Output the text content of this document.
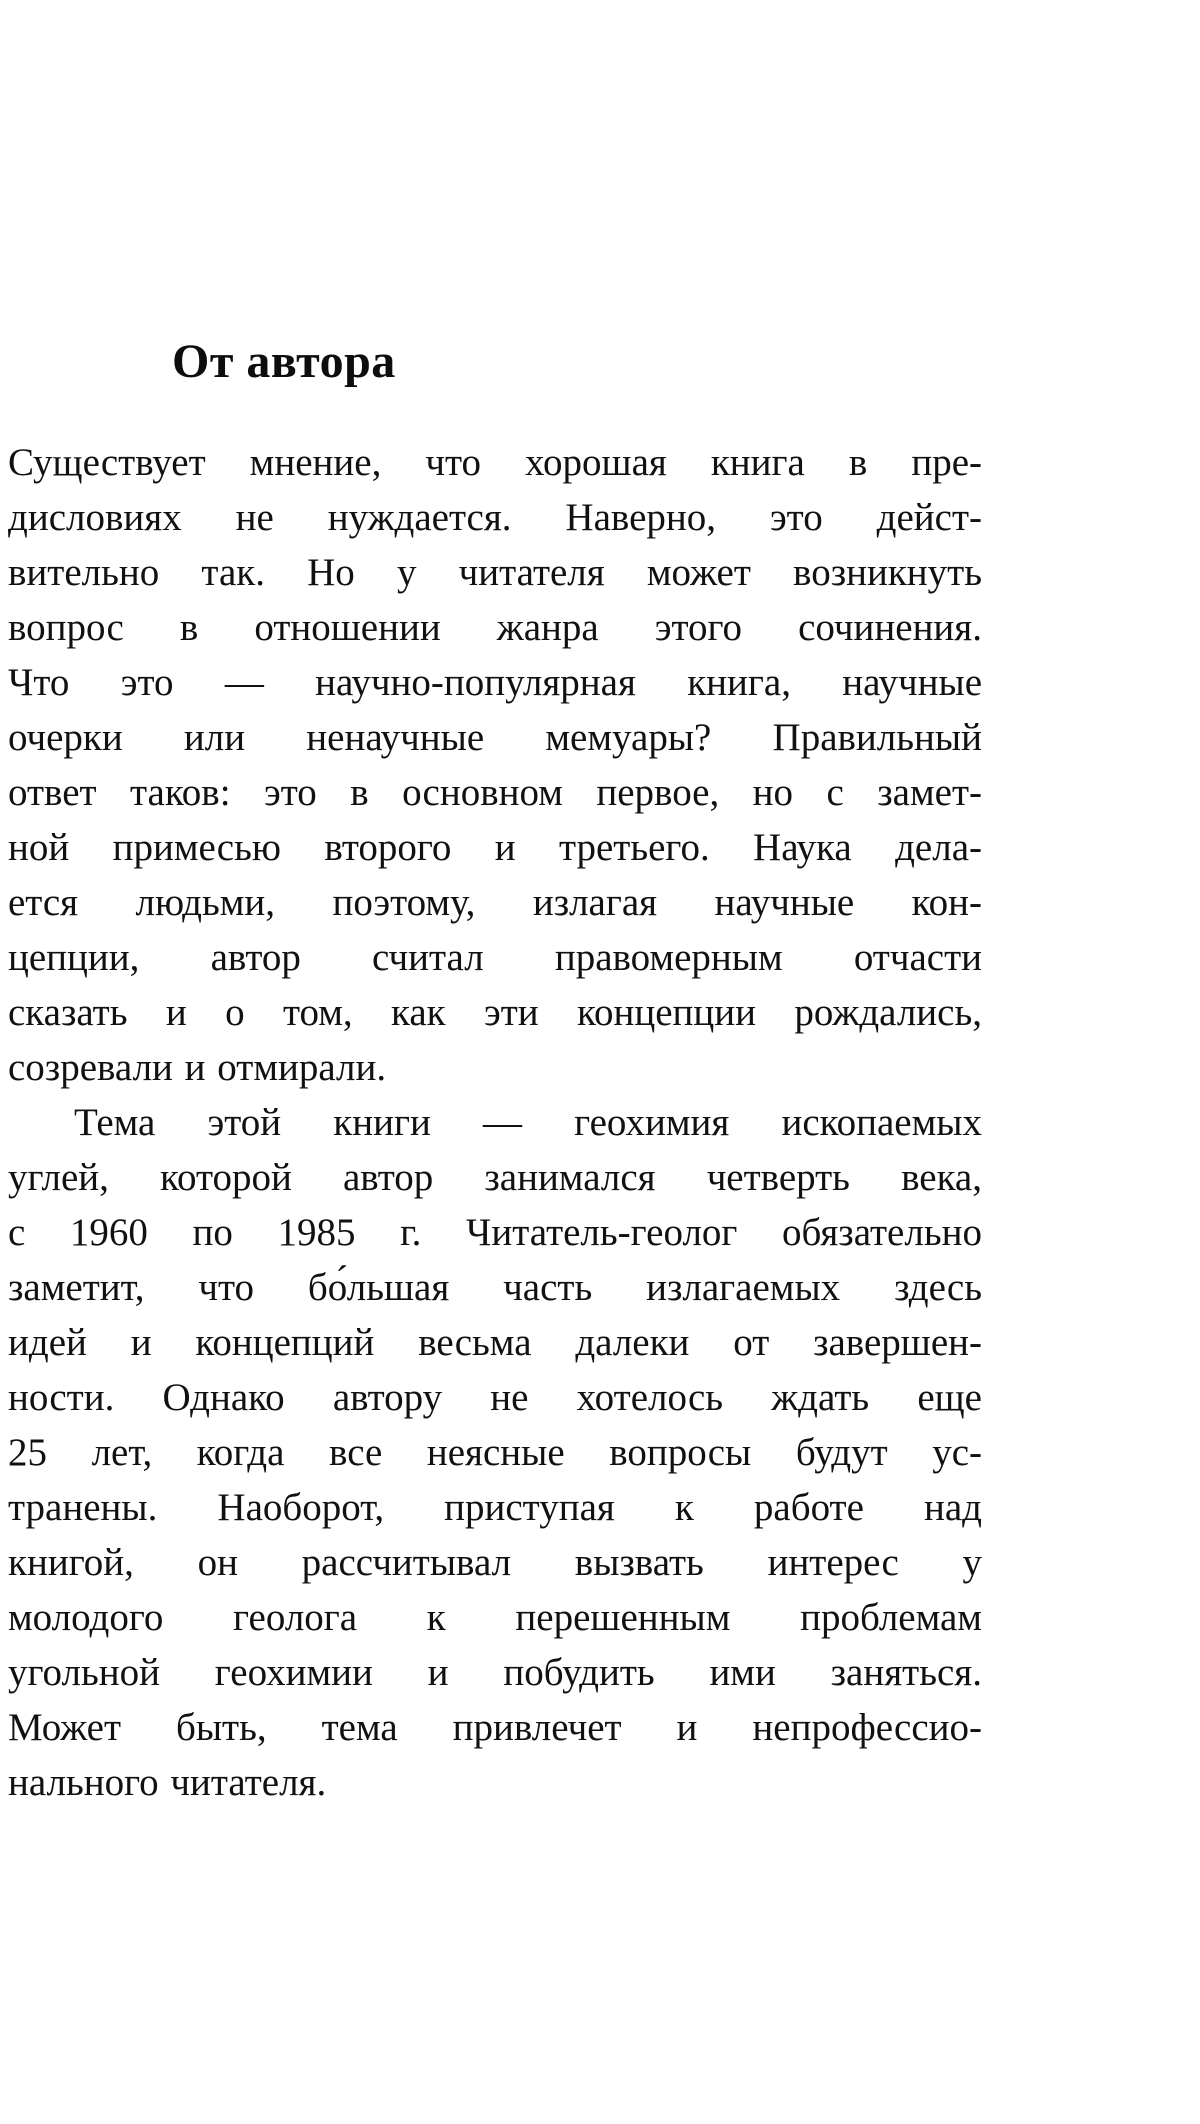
От автора
Существует мнение, что хорошая книга в пре-
дисловиях не нуждается. Наверно, это дейст-
вительно так. Но у читателя может возникнуть
вопрос в отношении жанра этого сочинения.
Что это — научно-популярная книга, научные
очерки или ненаучные мемуары? Правильный
ответ таков: это в основном первое, но с замет-
ной примесью второго и третьего. Наука дела-
ется людьми, поэтому, излагая научные кон-
цепции, автор считал правомерным отчасти
сказать и о том, как эти концепции рождались,
созревали и отмирали.
Тема этой книги — геохимия ископаемых
углей, которой автор занимался четверть века,
с 1960 по 1985 г. Читатель-геолог обязательно
заметит, что бо́льшая часть излагаемых здесь
идей и концепций весьма далеки от завершен-
ности. Однако автору не хотелось ждать еще
25 лет, когда все неясные вопросы будут ус-
транены. Наоборот, приступая к работе над
книгой, он рассчитывал вызвать интерес у
молодого геолога к перешенным проблемам
угольной геохимии и побудить ими заняться.
Может быть, тема привлечет и непрофессио-
нального читателя.
